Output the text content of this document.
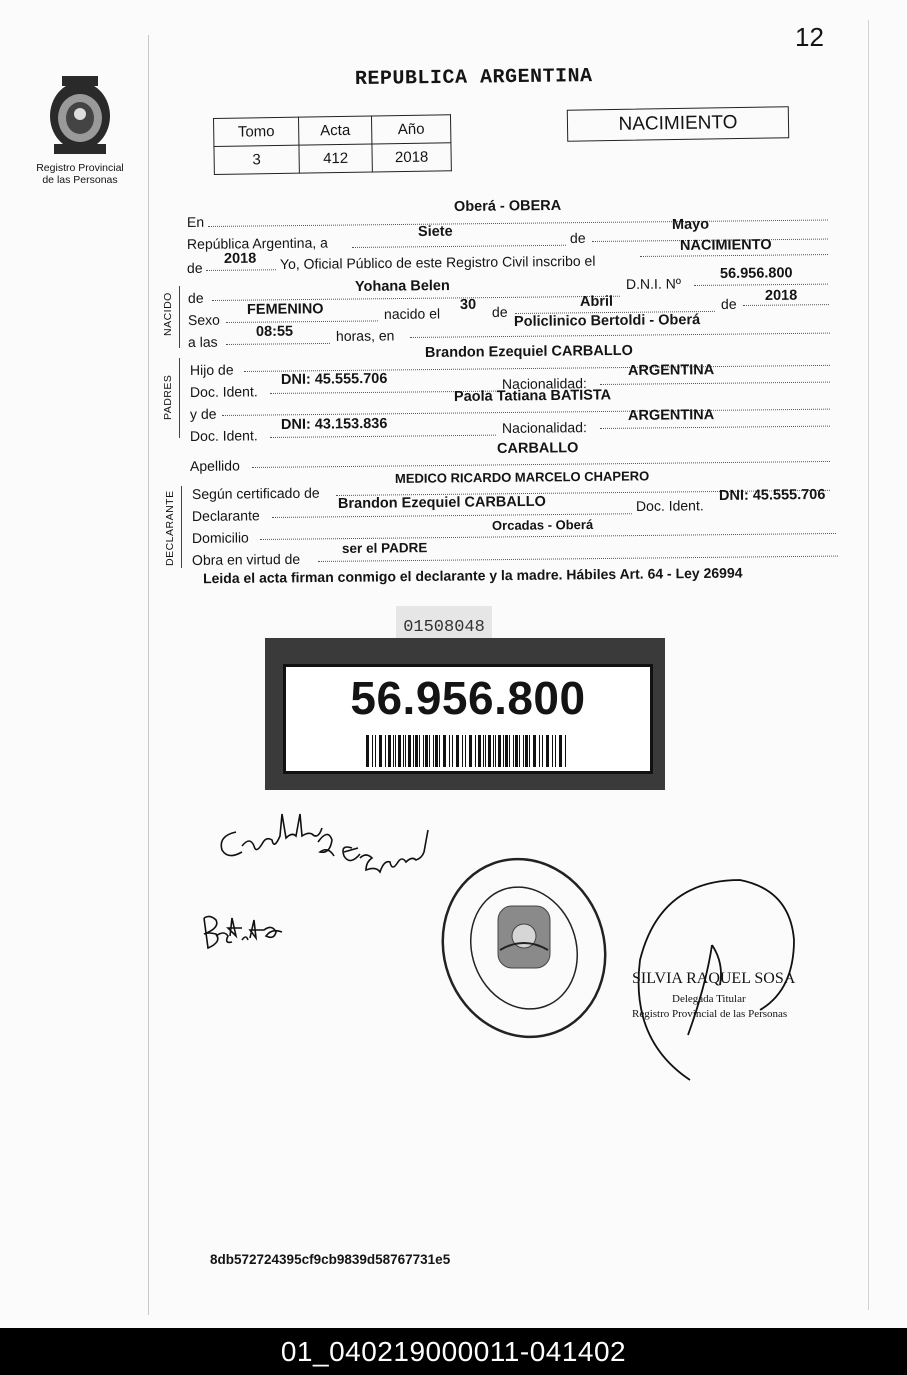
12
Registro Provincial
de las Personas
REPUBLICA ARGENTINA
Tomo	Acta	Año
3	412	2018
NACIMIENTO
En
Oberá - OBERA
República Argentina, a
Siete	de
Mayo
de
2018 Yo, Oficial Público de este Registro Civil inscribo el
NACIMIENTO
NACIDO de
Yohana Belen	D.N.I. Nº
56.956.800
Sexo
FEMENINO	nacido el
30 de
Abril	de 2018
a las
08:55	horas, en
Policlinico Bertoldi - Oberá
PADRES
Hijo de
Brandon Ezequiel CARBALLO
Doc. Ident.
DNI: 45.555.706	Nacionalidad:
ARGENTINA
y de
Paola Tatiana BATISTA
Doc. Ident.
DNI: 43.153.836	Nacionalidad:
ARGENTINA
Apellido
CARBALLO
DECLARANTE Según certificado de
MEDICO RICARDO MARCELO CHAPERO
Declarante
Brandon Ezequiel CARBALLO	Doc. Ident.
DNI: 45.555.706
Domicilio
Orcadas - Oberá
Obra en virtud de
ser el PADRE
Leida el acta firman conmigo el declarante y la madre. Hábiles Art. 64 - Ley 26994
01508048
56.956.800
SILVIA RAQUEL SOSA
Delegada Titular
Registro Provincial de las Personas
8db572724395cf9cb9839d58767731e5
01_040219000011-041402
